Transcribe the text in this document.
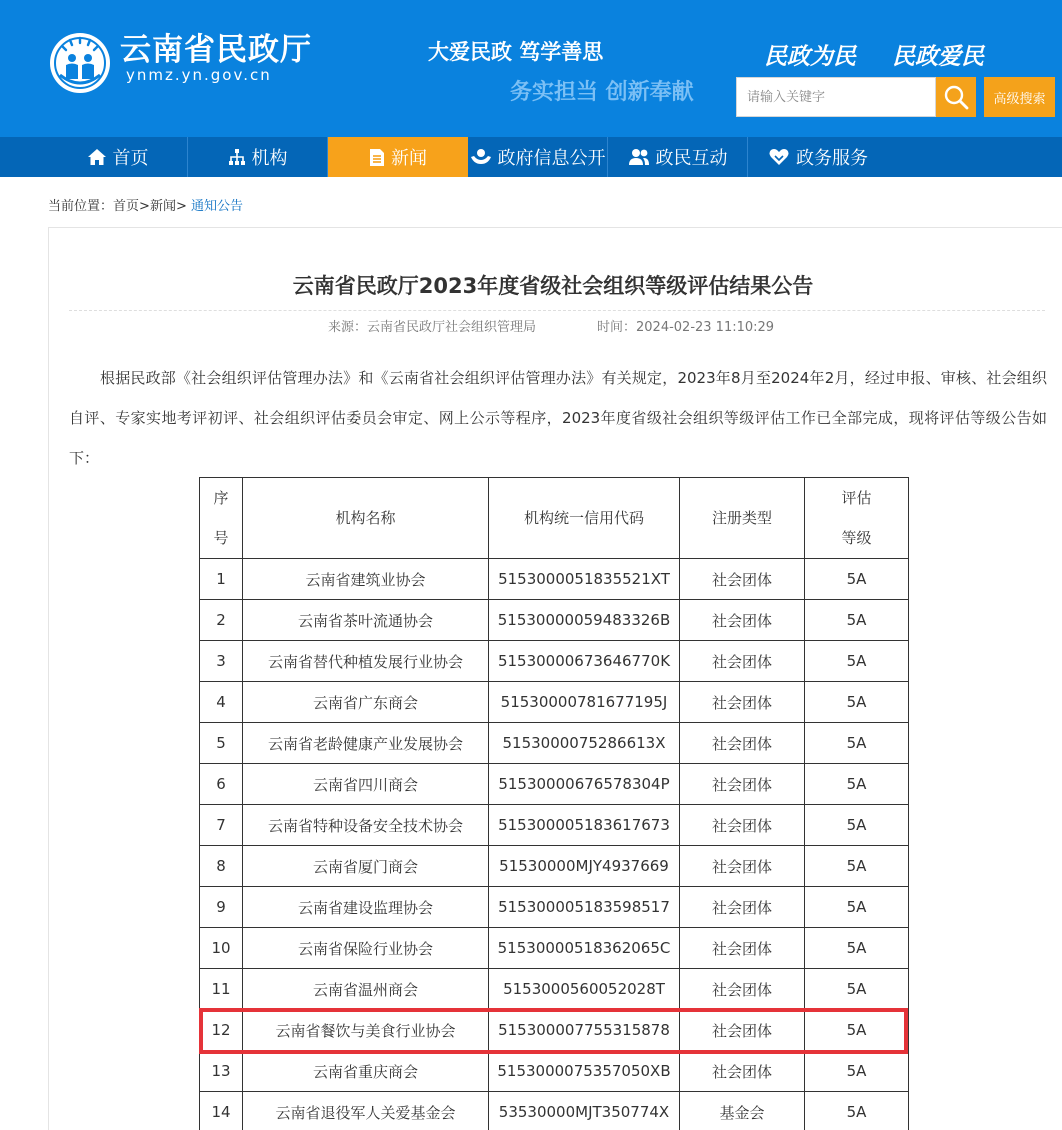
云南省民政厅
ynmz.yn.gov.cn
大爱民政 笃学善思
务实担当 创新奉献
民政为民 民政爱民
请输入关键字
高级搜索
首页	机构	新闻	政府信息公开	政民互动	政务服务
当前位置：首页>新闻> 通知公告
云南省民政厅2023年度省级社会组织等级评估结果公告
来源：云南省民政厅社会组织管理局	时间：2024-02-23 11:10:29
根据民政部《社会组织评估管理办法》和《云南省社会组织评估管理办法》有关规定，2023年8月至2024年2月，经过申报、审核、社会组织自评、专家实地考评初评、社会组织评估委员会审定、网上公示等程序，2023年度省级社会组织等级评估工作已全部完成，现将评估等级公告如下：
序
号	机构名称	机构统一信用代码	注册类型	评估
等级
1	云南省建筑业协会	5153000051835521XT	社会团体	5A
2	云南省茶叶流通协会	51530000059483326B	社会团体	5A
3	云南省替代种植发展行业协会	51530000673646770K	社会团体	5A
4	云南省广东商会	51530000781677195J	社会团体	5A
5	云南省老龄健康产业发展协会	5153000075286613X	社会团体	5A
6	云南省四川商会	51530000676578304P	社会团体	5A
7	云南省特种设备安全技术协会	515300005183617673	社会团体	5A
8	云南省厦门商会	51530000MJY4937669	社会团体	5A
9	云南省建设监理协会	515300005183598517	社会团体	5A
10	云南省保险行业协会	51530000518362065C	社会团体	5A
11	云南省温州商会	5153000560052028T	社会团体	5A
12	云南省餐饮与美食行业协会	515300007755315878	社会团体	5A
13	云南省重庆商会	5153000075357050XB	社会团体	5A
14	云南省退役军人关爱基金会	53530000MJT350774X	基金会	5A
